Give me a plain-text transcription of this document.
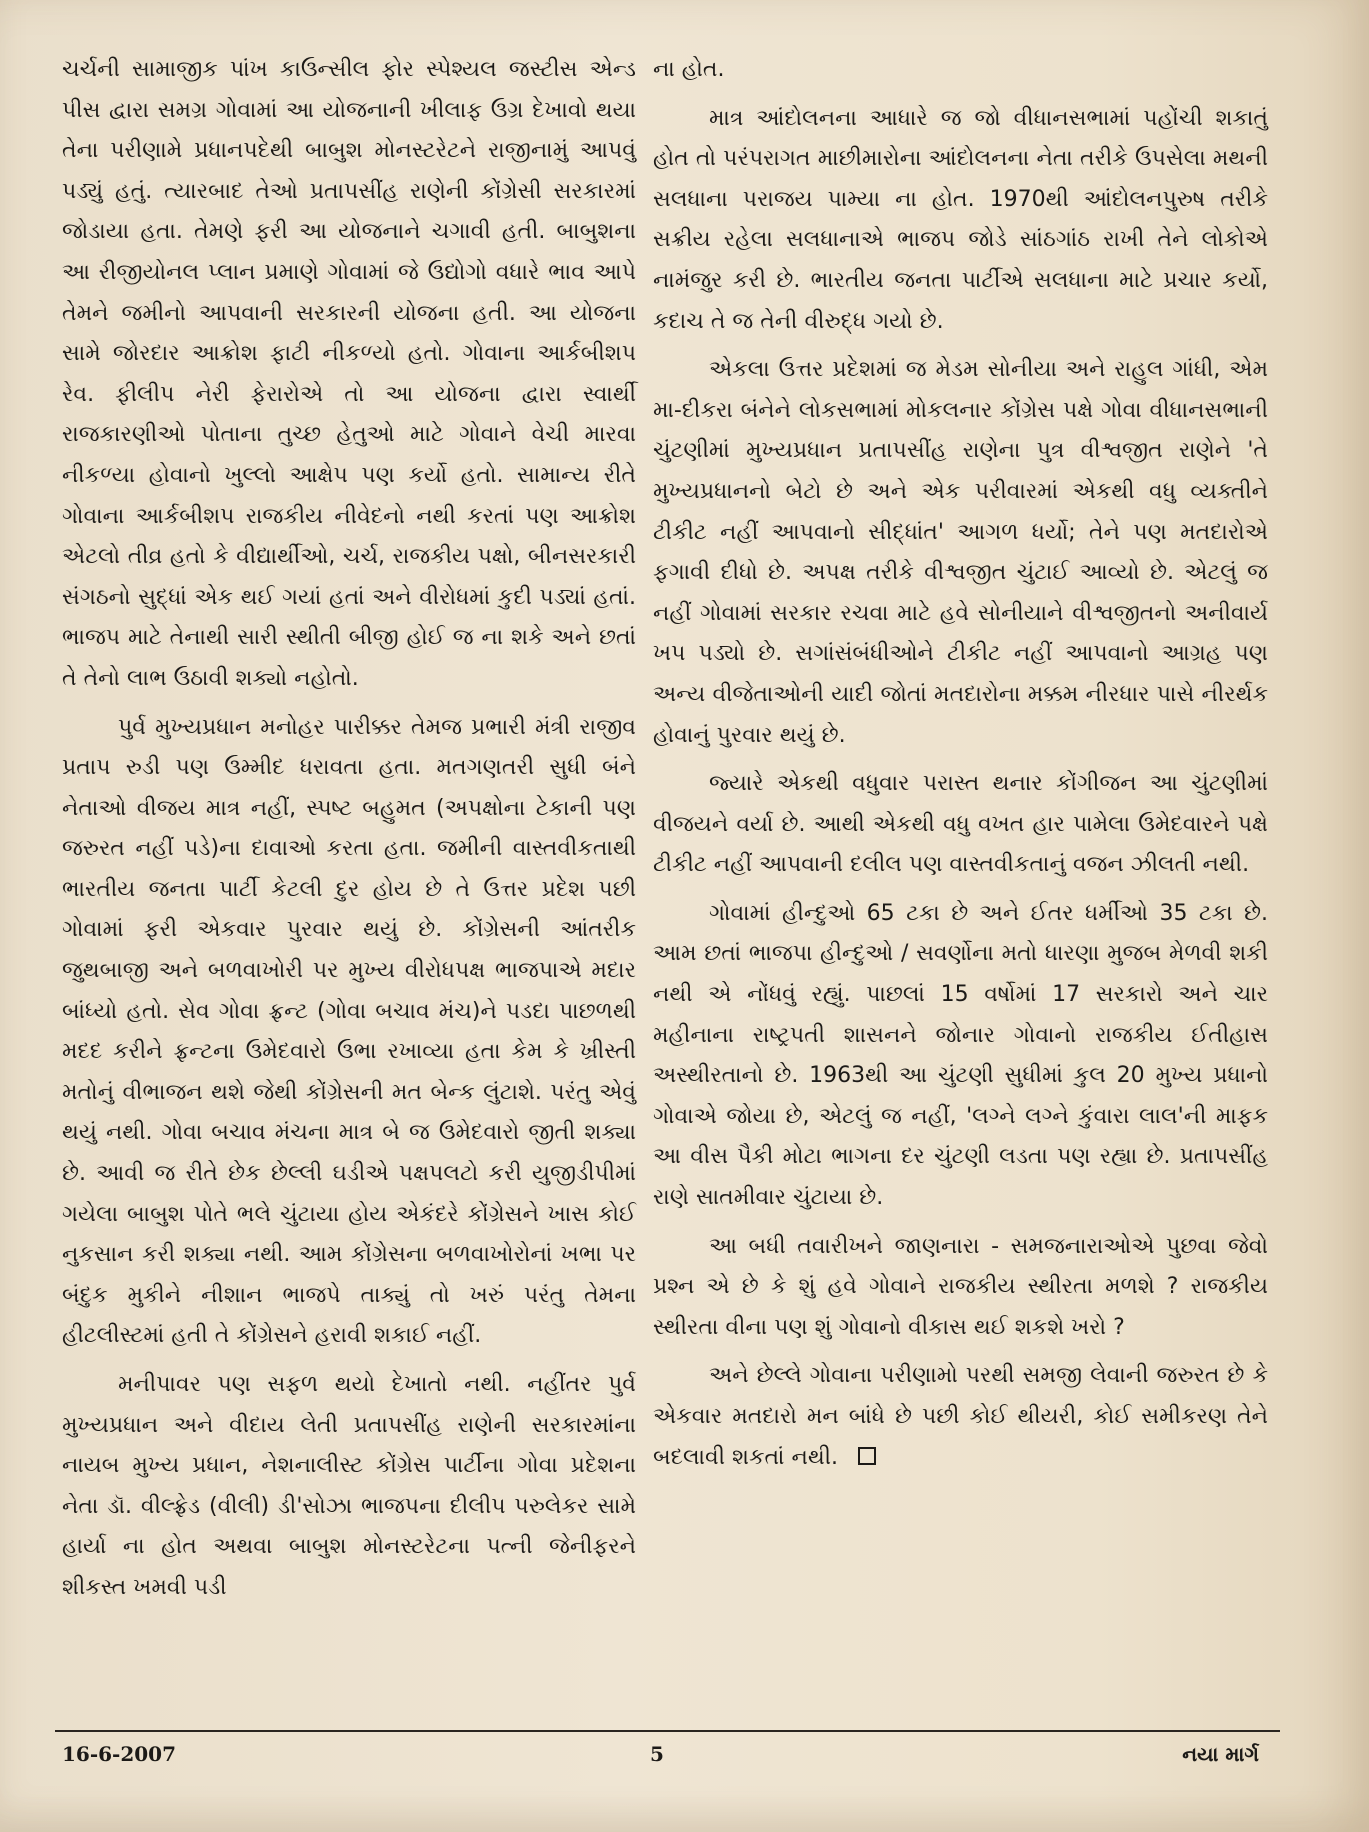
ચર્ચની સામાજીક પાંખ કાઉન્સીલ ફોર સ્પેશ્યલ જસ્ટીસ એન્ડ પીસ દ્વારા સમગ્ર ગોવામાં આ યોજનાની ખીલાફ ઉગ્ર દેખાવો થયા તેના પરીણામે પ્રધાનપદેથી બાબુશ મોનસ્ટરેટને રાજીનામું આપવું પડ્યું હતું. ત્યારબાદ તેઓ પ્રતાપસીંહ રાણેની કોંગ્રેસી સરકારમાં જોડાયા હતા. તેમણે ફરી આ યોજનાને ચગાવી હતી. બાબુશના આ રીજીયોનલ પ્લાન પ્રમાણે ગોવામાં જે ઉદ્યોગો વધારે ભાવ આપે તેમને જમીનો આપવાની સરકારની યોજના હતી. આ યોજના સામે જોરદાર આક્રોશ ફાટી નીકળ્યો હતો. ગોવાના આર્કબીશપ રેવ. ફીલીપ નેરી ફેરારોએ તો આ યોજના દ્વારા સ્વાર્થી રાજકારણીઓ પોતાના તુચ્છ હેતુઓ માટે ગોવાને વેચી મારવા નીકળ્યા હોવાનો ખુલ્લો આક્ષેપ પણ કર્યો હતો. સામાન્ય રીતે ગોવાના આર્કબીશપ રાજકીય નીવેદનો નથી કરતાં પણ આક્રોશ એટલો તીવ્ર હતો કે વીદ્યાર્થીઓ, ચર્ચ, રાજકીય પક્ષો, બીનસરકારી સંગઠનો સુદ્ધાં એક થઈ ગયાં હતાં અને વીરોધમાં કુદી પડ્યાં હતાં. ભાજપ માટે તેનાથી સારી સ્થીતી બીજી હોઈ જ ના શકે અને છતાં તે તેનો લાભ ઉઠાવી શક્યો નહોતો.

પુર્વ મુખ્યપ્રધાન મનોહર પારીક્કર તેમજ પ્રભારી મંત્રી રાજીવ પ્રતાપ રુડી પણ ઉમ્મીદ ધરાવતા હતા. મતગણતરી સુધી બંને નેતાઓ વીજય માત્ર નહીં, સ્પષ્ટ બહુમત (અપક્ષોના ટેકાની પણ જરુરત નહીં પડે)ના દાવાઓ કરતા હતા. જમીની વાસ્તવીકતાથી ભારતીય જનતા પાર્ટી કેટલી દુર હોય છે તે ઉત્તર પ્રદેશ પછી ગોવામાં ફરી એકવાર પુરવાર થયું છે. કોંગ્રેસની આંતરીક જુથબાજી અને બળવાખોરી પર મુખ્ય વીરોધપક્ષ ભાજપાએ મદાર બાંધ્યો હતો. સેવ ગોવા ફ્રન્ટ (ગોવા બચાવ મંચ)ને પડદા પાછળથી મદદ કરીને ફ્રન્ટના ઉમેદવારો ઉભા રખાવ્યા હતા કેમ કે ખ્રીસ્તી મતોનું વીભાજન થશે જેથી કોંગ્રેસની મત બેન્ક લુંટાશે. પરંતુ એવું થયું નથી. ગોવા બચાવ મંચના માત્ર બે જ ઉમેદવારો જીતી શક્યા છે. આવી જ રીતે છેક છેલ્લી ઘડીએ પક્ષપલટો કરી યુજીડીપીમાં ગયેલા બાબુશ પોતે ભલે ચુંટાયા હોય એકંદરે કોંગ્રેસને ખાસ કોઈ નુકસાન કરી શક્યા નથી. આમ કોંગ્રેસના બળવાખોરોનાં ખભા પર બંદુક મુકીને નીશાન ભાજપે તાક્યું તો ખરું પરંતુ તેમના હીટલીસ્ટમાં હતી તે કોંગ્રેસને હરાવી શકાઈ નહીં.

મનીપાવર પણ સફળ થયો દેખાતો નથી. નહીંતર પુર્વ મુખ્યપ્રધાન અને વીદાય લેતી પ્રતાપસીંહ રાણેની સરકારમાંના નાયબ મુખ્ય પ્રધાન, નેશનાલીસ્ટ કોંગ્રેસ પાર્ટીના ગોવા પ્રદેશના નેતા ડૉ. વીલ્ફ્રેડ (વીલી) ડી'સોઝા ભાજપના દીલીપ પરુલેકર સામે હાર્યા ના હોત અથવા બાબુશ મોનસ્ટરેટના પત્ની જેનીફરને શીકસ્ત ખમવી પડી

ના હોત.

માત્ર આંદોલનના આધારે જ જો વીધાનસભામાં પહોંચી શકાતું હોત તો પરંપરાગત માછીમારોના આંદોલનના નેતા તરીકે ઉપસેલા મથની સલધાના પરાજય પામ્યા ના હોત. 1970થી આંદોલનપુરુષ તરીકે સક્રીય રહેલા સલધાનાએ ભાજપ જોડે સાંઠગાંઠ રાખી તેને લોકોએ નામંજુર કરી છે. ભારતીય જનતા પાર્ટીએ સલધાના માટે પ્રચાર કર્યો, કદાચ તે જ તેની વીરુદ્ધ ગયો છે.

એકલા ઉત્તર પ્રદેશમાં જ મેડમ સોનીયા અને રાહુલ ગાંધી, એમ મા-દીકરા બંનેને લોકસભામાં મોકલનાર કોંગ્રેસ પક્ષે ગોવા વીધાનસભાની ચુંટણીમાં મુખ્યપ્રધાન પ્રતાપસીંહ રાણેના પુત્ર વીશ્વજીત રાણેને 'તે મુખ્યપ્રધાનનો બેટો છે અને એક પરીવારમાં એકથી વધુ વ્યક્તીને ટીકીટ નહીં આપવાનો સીદ્ધાંત' આગળ ધર્યો; તેને પણ મતદારોએ ફગાવી દીધો છે. અપક્ષ તરીકે વીશ્વજીત ચુંટાઈ આવ્યો છે. એટલું જ નહીં ગોવામાં સરકાર રચવા માટે હવે સોનીયાને વીશ્વજીતનો અનીવાર્ય ખપ પડ્યો છે. સગાંસંબંધીઓને ટીકીટ નહીં આપવાનો આગ્રહ પણ અન્ય વીજેતાઓની યાદી જોતાં મતદારોના મક્કમ નીરધાર પાસે નીરર્થક હોવાનું પુરવાર થયું છે.

જ્યારે એકથી વધુવાર પરાસ્ત થનાર કોંગીજન આ ચુંટણીમાં વીજયને વર્યા છે. આથી એકથી વધુ વખત હાર પામેલા ઉમેદવારને પક્ષે ટીકીટ નહીં આપવાની દલીલ પણ વાસ્તવીકતાનું વજન ઝીલતી નથી.

ગોવામાં હીન્દુઓ 65 ટકા છે અને ઈતર ધર્મીઓ 35 ટકા છે. આમ છતાં ભાજપા હીન્દુઓ / સવર્ણોના મતો ધારણા મુજબ મેળવી શકી નથી એ નોંધવું રહ્યું. પાછલાં 15 વર્ષોમાં 17 સરકારો અને ચાર મહીનાના રાષ્ટ્રપતી શાસનને જોનાર ગોવાનો રાજકીય ઈતીહાસ અસ્થીરતાનો છે. 1963થી આ ચુંટણી સુધીમાં કુલ 20 મુખ્ય પ્રધાનો ગોવાએ જોયા છે, એટલું જ નહીં, 'લગ્ને લગ્ને કુંવારા લાલ'ની માફક આ વીસ પૈકી મોટા ભાગના દર ચુંટણી લડતા પણ રહ્યા છે. પ્રતાપસીંહ રાણે સાતમીવાર ચુંટાયા છે.

આ બધી તવારીખને જાણનારા - સમજનારાઓએ પુછવા જેવો પ્રશ્ન એ છે કે શું હવે ગોવાને રાજકીય સ્થીરતા મળશે ? રાજકીય સ્થીરતા વીના પણ શું ગોવાનો વીકાસ થઈ શકશે ખરો ?

અને છેલ્લે ગોવાના પરીણામો પરથી સમજી લેવાની જરુરત છે કે એકવાર મતદારો મન બાંધે છે પછી કોઈ થીયરી, કોઈ સમીકરણ તેને બદલાવી શકતાં નથી.

16-6-2007	5	નયા માર્ગ
